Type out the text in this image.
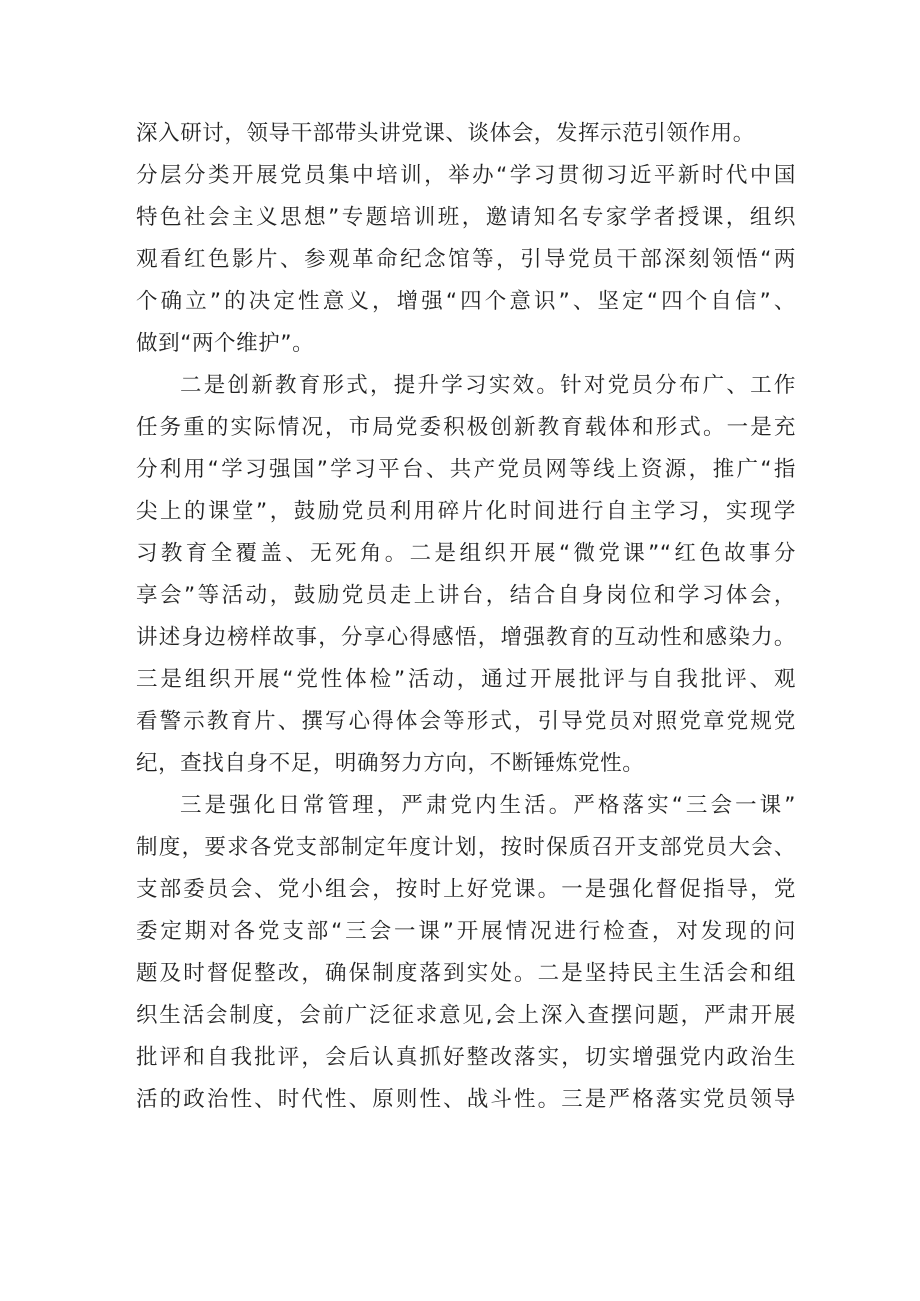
深入研讨，领导干部带头讲党课、谈体会，发挥示范引领作用。
分层分类开展党员集中培训，举办“学习贯彻习近平新时代中国
特色社会主义思想”专题培训班，邀请知名专家学者授课，组织
观看红色影片、参观革命纪念馆等，引导党员干部深刻领悟“两
个确立”的决定性意义，增强“四个意识”、坚定“四个自信”、
做到“两个维护”。
二是创新教育形式，提升学习实效。针对党员分布广、工作
任务重的实际情况，市局党委积极创新教育载体和形式。一是充
分利用“学习强国”学习平台、共产党员网等线上资源，推广“指
尖上的课堂”，鼓励党员利用碎片化时间进行自主学习，实现学
习教育全覆盖、无死角。二是组织开展“微党课”“红色故事分
享会”等活动，鼓励党员走上讲台，结合自身岗位和学习体会，
讲述身边榜样故事，分享心得感悟，增强教育的互动性和感染力。
三是组织开展“党性体检”活动，通过开展批评与自我批评、观
看警示教育片、撰写心得体会等形式，引导党员对照党章党规党
纪，查找自身不足，明确努力方向，不断锤炼党性。
三是强化日常管理，严肃党内生活。严格落实“三会一课”
制度，要求各党支部制定年度计划，按时保质召开支部党员大会、
支部委员会、党小组会，按时上好党课。一是强化督促指导，党
委定期对各党支部“三会一课”开展情况进行检查，对发现的问
题及时督促整改，确保制度落到实处。二是坚持民主生活会和组
织生活会制度，会前广泛征求意见,会上深入查摆问题，严肃开展
批评和自我批评，会后认真抓好整改落实，切实增强党内政治生
活的政治性、时代性、原则性、战斗性。三是严格落实党员领导
